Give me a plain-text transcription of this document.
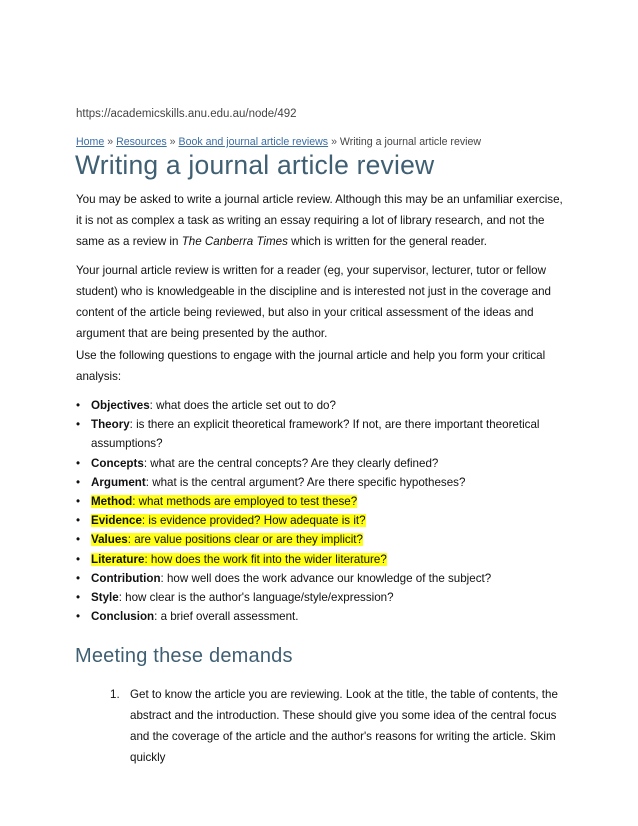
https://academicskills.anu.edu.au/node/492
Home » Resources » Book and journal article reviews » Writing a journal article review
Writing a journal article review

You may be asked to write a journal article review. Although this may be an unfamiliar exercise, it is not as complex a task as writing an essay requiring a lot of library research, and not the same as a review in The Canberra Times which is written for the general reader.

Your journal article review is written for a reader (eg, your supervisor, lecturer, tutor or fellow student) who is knowledgeable in the discipline and is interested not just in the coverage and content of the article being reviewed, but also in your critical assessment of the ideas and argument that are being presented by the author.

Use the following questions to engage with the journal article and help you form your critical analysis:

• Objectives: what does the article set out to do?
• Theory: is there an explicit theoretical framework? If not, are there important theoretical assumptions?
• Concepts: what are the central concepts? Are they clearly defined?
• Argument: what is the central argument? Are there specific hypotheses?
• Method: what methods are employed to test these?
• Evidence: is evidence provided? How adequate is it?
• Values: are value positions clear or are they implicit?
• Literature: how does the work fit into the wider literature?
• Contribution: how well does the work advance our knowledge of the subject?
• Style: how clear is the author's language/style/expression?
• Conclusion: a brief overall assessment.
Meeting these demands
1. Get to know the article you are reviewing. Look at the title, the table of contents, the abstract and the introduction. These should give you some idea of the central focus and the coverage of the article and the author's reasons for writing the article. Skim quickly
